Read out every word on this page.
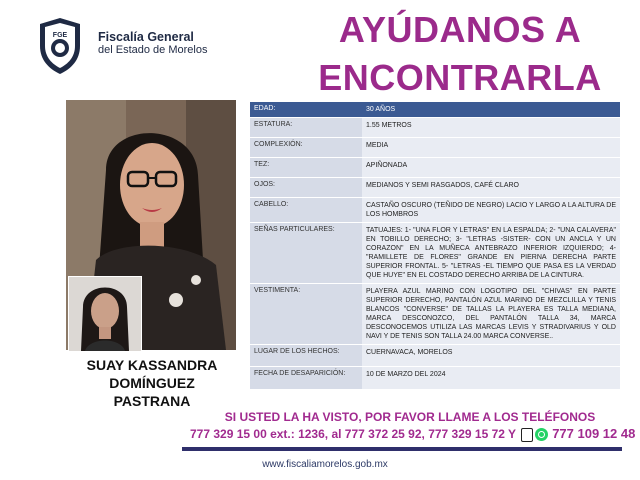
FGE Fiscalía General
del Estado de Morelos	AYÚDANOS A
ENCONTRARLA
SUAY KASSANDRA
DOMÍNGUEZ
PASTRANA
EDAD:	30 AÑOS
ESTATURA:	1.55 METROS
COMPLEXIÓN:	MEDIA
TEZ:	APIÑONADA
OJOS:	MEDIANOS Y SEMI RASGADOS, CAFÉ CLARO
CABELLO:	CASTAÑO OSCURO (TEÑIDO DE NEGRO) LACIO Y LARGO A LA ALTURA DE LOS HOMBROS
SEÑAS PARTICULARES:	TATUAJES: 1- "UNA FLOR Y LETRAS" EN LA ESPALDA; 2- "UNA CALAVERA" EN TOBILLO DERECHO; 3- "LETRAS -SISTER- CON UN ANCLA Y UN CORAZON" EN LA MUÑECA ANTEBRAZO INFERIOR IZQUIERDO; 4- "RAMILLETE DE FLORES" GRANDE EN PIERNA DERECHA PARTE SUPERIOR FRONTAL. 5- "LETRAS -EL TIEMPO QUE PASA ES LA VERDAD QUE HUYE" EN EL COSTADO DERECHO ARRIBA DE LA CINTURA.
VESTIMENTA:	PLAYERA AZUL MARINO CON LOGOTIPO DEL "CHIVAS" EN PARTE SUPERIOR DERECHO, PANTALÓN AZUL MARINO DE MEZCLILLA Y TENIS BLANCOS "CONVERSE" DE TALLAS LA PLAYERA ES TALLA MEDIANA, MARCA DESCONOZCO, DEL PANTALÓN TALLA 34, MARCA DESCONOCEMOS UTILIZA LAS MARCAS LEVIS Y STRADIVARIUS Y OLD NAVI Y DE TENIS SON TALLA 24.00 MARCA CONVERSE..
LUGAR DE LOS HECHOS:	CUERNAVACA, MORELOS
FECHA DE DESAPARICIÓN:	10 DE MARZO DEL 2024
SI USTED LA HA VISTO, POR FAVOR LLAME A LOS TELÉFONOS
777 329 15 00 ext.: 1236, al 777 372 25 92, 777 329 15 72 Y	777 109 12 48
www.fiscaliamorelos.gob.mx
